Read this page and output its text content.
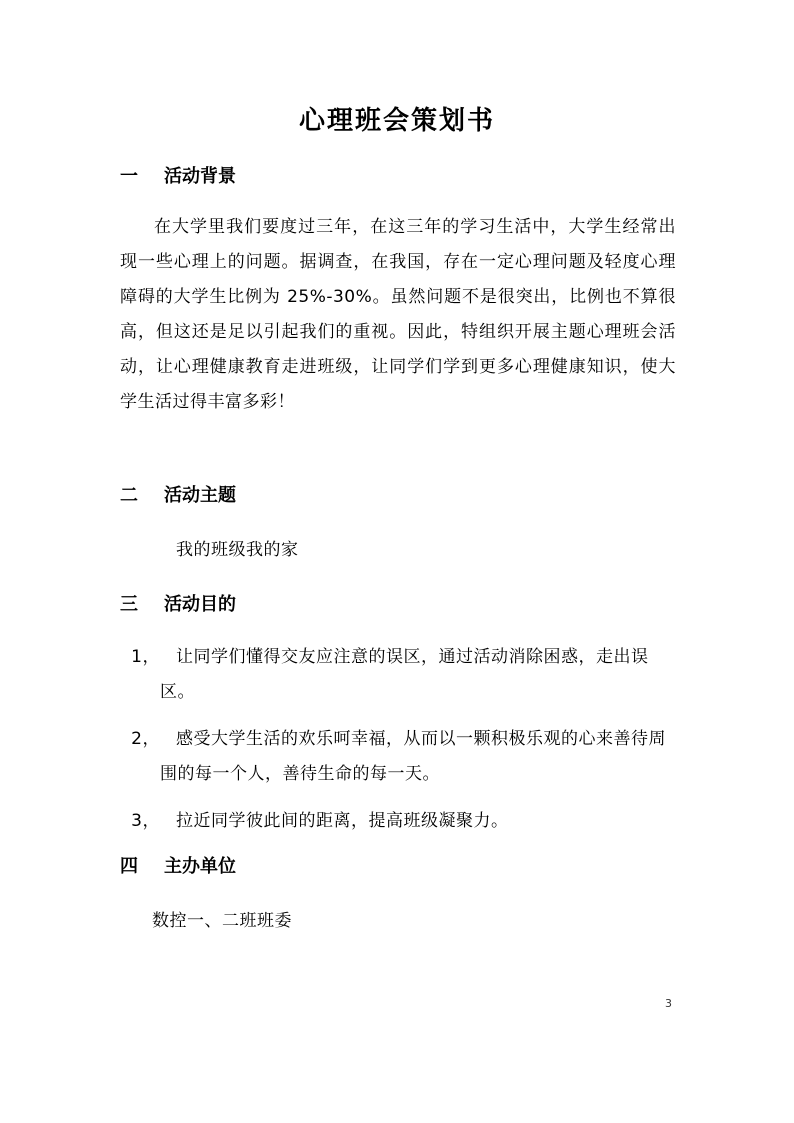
心理班会策划书
一 活动背景
在大学里我们要度过三年，在这三年的学习生活中，大学生经常出现一些心理上的问题。据调查，在我国，存在一定心理问题及轻度心理障碍的大学生比例为 25%-30%。虽然问题不是很突出，比例也不算很高，但这还是足以引起我们的重视。因此，特组织开展主题心理班会活动，让心理健康教育走进班级，让同学们学到更多心理健康知识，使大学生活过得丰富多彩！
二 活动主题
我的班级我的家
三 活动目的
1， 让同学们懂得交友应注意的误区，通过活动消除困惑，走出误区。
2， 感受大学生活的欢乐呵幸福，从而以一颗积极乐观的心来善待周围的每一个人，善待生命的每一天。
3， 拉近同学彼此间的距离，提高班级凝聚力。
四 主办单位
数控一、二班班委
3
